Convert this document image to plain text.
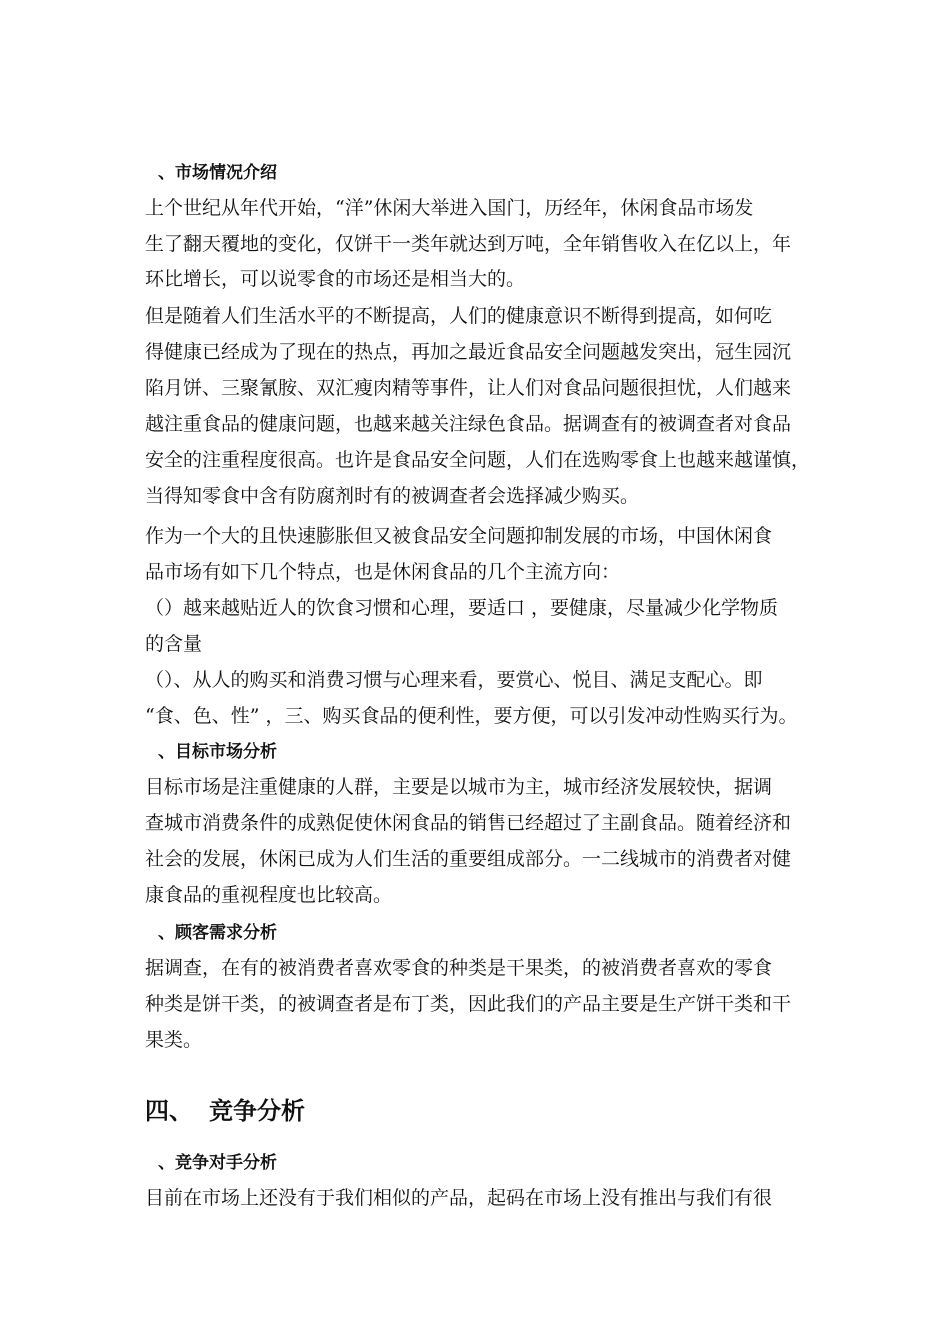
、市场情况介绍
上个世纪从年代开始，“洋”休闲大举进入国门，历经年，休闲食品市场发
生了翻天覆地的变化，仅饼干一类年就达到万吨，全年销售收入在亿以上，年
环比增长，可以说零食的市场还是相当大的。
但是随着人们生活水平的不断提高，人们的健康意识不断得到提高，如何吃
得健康已经成为了现在的热点，再加之最近食品安全问题越发突出，冠生园沉
陷月饼、三聚氰胺、双汇瘦肉精等事件，让人们对食品问题很担忧，人们越来
越注重食品的健康问题，也越来越关注绿色食品。据调查有的被调查者对食品
安全的注重程度很高。也许是食品安全问题，人们在选购零食上也越来越谨慎，
当得知零食中含有防腐剂时有的被调查者会选择减少购买。
作为一个大的且快速膨胀但又被食品安全问题抑制发展的市场，中国休闲食
品市场有如下几个特点，也是休闲食品的几个主流方向：
（）越来越贴近人的饮食习惯和心理，要适口 ，要健康，尽量减少化学物质
的含量
（）、从人的购买和消费习惯与心理来看，要赏心、悦目、满足支配心。即
“食、色、性” ，三、购买食品的便利性，要方便，可以引发冲动性购买行为。
、目标市场分析
目标市场是注重健康的人群，主要是以城市为主，城市经济发展较快，据调
查城市消费条件的成熟促使休闲食品的销售已经超过了主副食品。随着经济和
社会的发展，休闲已成为人们生活的重要组成部分。一二线城市的消费者对健
康食品的重视程度也比较高。
、顾客需求分析
据调查，在有的被消费者喜欢零食的种类是干果类，的被消费者喜欢的零食
种类是饼干类，的被调查者是布丁类，因此我们的产品主要是生产饼干类和干
果类。
四、 竞争分析
、竞争对手分析
目前在市场上还没有于我们相似的产品，起码在市场上没有推出与我们有很
